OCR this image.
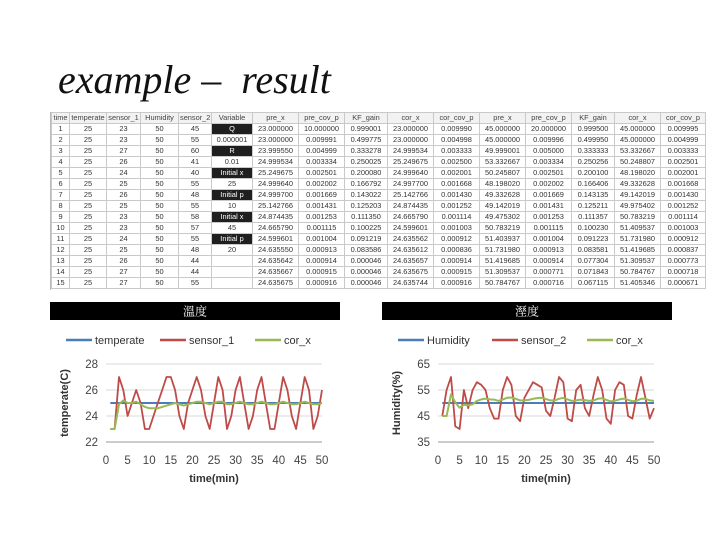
example –  result
time	temperate	sensor_1	Humidity	sensor_2	Variable	pre_x	pre_cov_p	KF_gain	cor_x	cor_cov_p	pre_x	pre_cov_p	KF_gain	cor_x	cor_cov_p
1	25	23	50	45	Q	23.000000	10.000000	0.999001	23.000000	0.009990	45.000000	20.000000	0.999500	45.000000	0.009995
2	25	23	50	55	0.000001	23.000000	0.009991	0.499775	23.000000	0.004998	45.000000	0.009996	0.499950	45.000000	0.004999
3	25	27	50	60	R	23.999550	0.004999	0.333278	24.999534	0.003333	49.999001	0.005000	0.333333	53.332667	0.003333
4	25	26	50	41	0.01	24.999534	0.003334	0.250025	25.249675	0.002500	53.332667	0.003334	0.250256	50.248807	0.002501
5	25	24	50	40	Initial x	25.249675	0.002501	0.200080	24.999640	0.002001	50.245807	0.002501	0.200100	48.198020	0.002001
6	25	25	50	55	25	24.999640	0.002002	0.166792	24.997700	0.001668	48.198020	0.002002	0.166406	49.332628	0.001668
7	25	26	50	48	Initial p	24.999700	0.001669	0.143022	25.142766	0.001430	49.332628	0.001669	0.143135	49.142019	0.001430
8	25	25	50	55	10	25.142766	0.001431	0.125203	24.874435	0.001252	49.142019	0.001431	0.125211	49.975402	0.001252
9	25	23	50	58	Initial x	24.874435	0.001253	0.111350	24.665790	0.001114	49.475302	0.001253	0.111357	50.783219	0.001114
10	25	23	50	57	45	24.665790	0.001115	0.100225	24.599601	0.001003	50.783219	0.001115	0.100230	51.409537	0.001003
11	25	24	50	55	Initial p	24.599601	0.001004	0.091219	24.635562	0.000912	51.403937	0.001004	0.091223	51.731980	0.000912
12	25	25	50	48	20	24.635550	0.000913	0.083586	24.635612	0.000836	51.731980	0.000913	0.083581	51.419685	0.000837
13	25	26	50	44		24.635642	0.000914	0.000046	24.635657	0.000914	51.419685	0.000914	0.077304	51.309537	0.000773
14	25	27	50	44		24.635667	0.000915	0.000046	24.635675	0.000915	51.309537	0.000771	0.071843	50.784767	0.000718
15	25	27	50	55		24.635675	0.000916	0.000046	24.635744	0.000916	50.784767	0.000716	0.067115	51.405346	0.000671
溫度
temperate	sensor_1	cor_x
22
24
26
28
0 5 10 15 20 25 30 35 40 45 50
time(min)
temperate(C)
溼度
Humidity	sensor_2	cor_x
35
45
55
65
0 5 10 15 20 25 30 35 40 45 50
time(min)
Humidity(%)
